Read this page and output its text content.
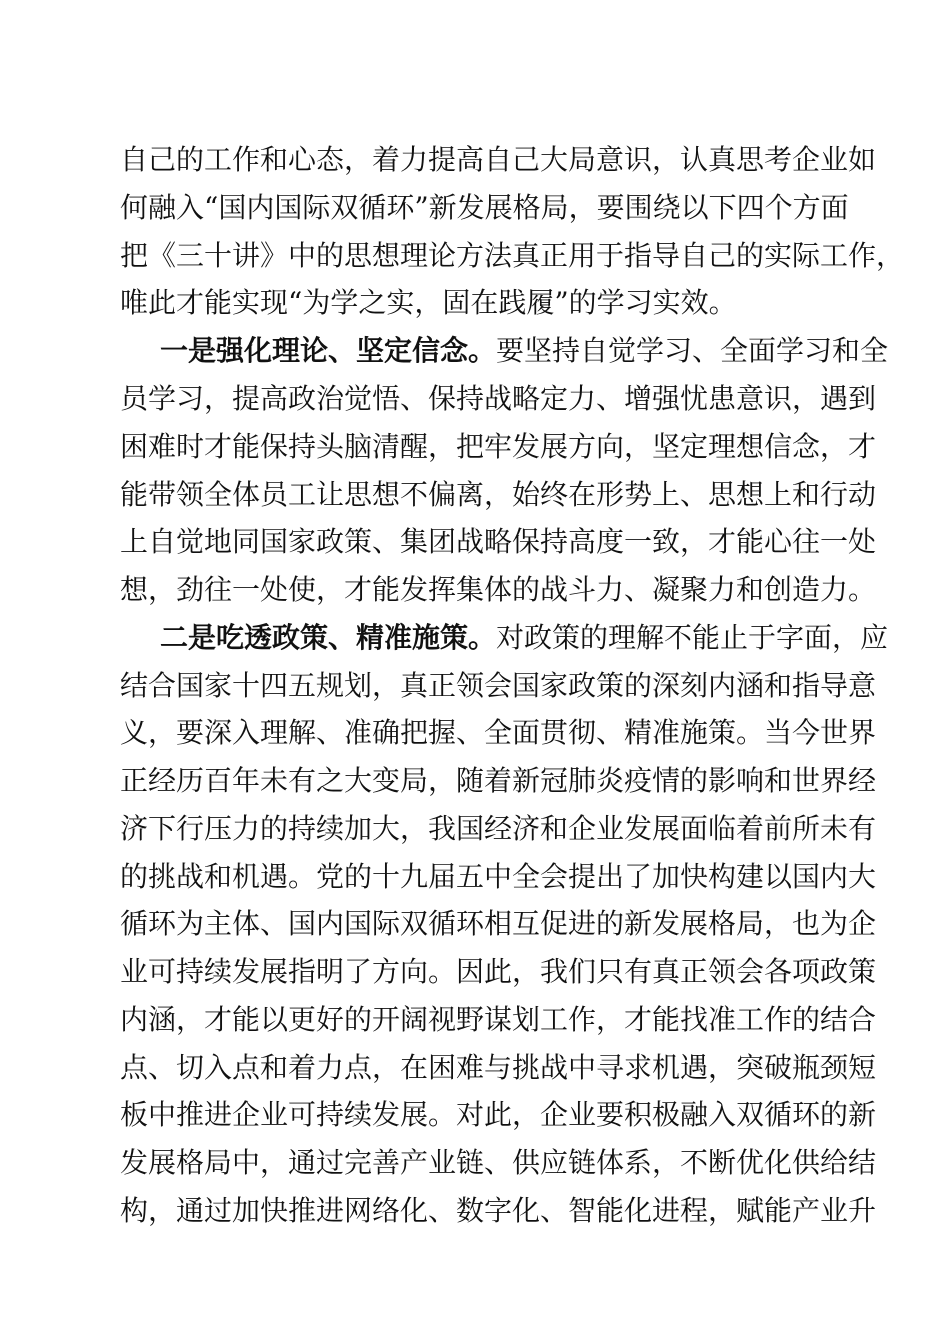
自己的工作和心态，着力提高自己大局意识，认真思考企业如
何融入“国内国际双循环”新发展格局，要围绕以下四个方面
把《三十讲》中的思想理论方法真正用于指导自己的实际工作，
唯此才能实现“为学之实，固在践履”的学习实效。
一是强化理论、坚定信念。要坚持自觉学习、全面学习和全
员学习，提高政治觉悟、保持战略定力、增强忧患意识，遇到
困难时才能保持头脑清醒，把牢发展方向，坚定理想信念，才
能带领全体员工让思想不偏离，始终在形势上、思想上和行动
上自觉地同国家政策、集团战略保持高度一致，才能心往一处
想，劲往一处使，才能发挥集体的战斗力、凝聚力和创造力。
二是吃透政策、精准施策。对政策的理解不能止于字面，应
结合国家十四五规划，真正领会国家政策的深刻内涵和指导意
义，要深入理解、准确把握、全面贯彻、精准施策。当今世界
正经历百年未有之大变局，随着新冠肺炎疫情的影响和世界经
济下行压力的持续加大，我国经济和企业发展面临着前所未有
的挑战和机遇。党的十九届五中全会提出了加快构建以国内大
循环为主体、国内国际双循环相互促进的新发展格局，也为企
业可持续发展指明了方向。因此，我们只有真正领会各项政策
内涵，才能以更好的开阔视野谋划工作，才能找准工作的结合
点、切入点和着力点，在困难与挑战中寻求机遇，突破瓶颈短
板中推进企业可持续发展。对此，企业要积极融入双循环的新
发展格局中，通过完善产业链、供应链体系，不断优化供给结
构，通过加快推进网络化、数字化、智能化进程，赋能产业升
